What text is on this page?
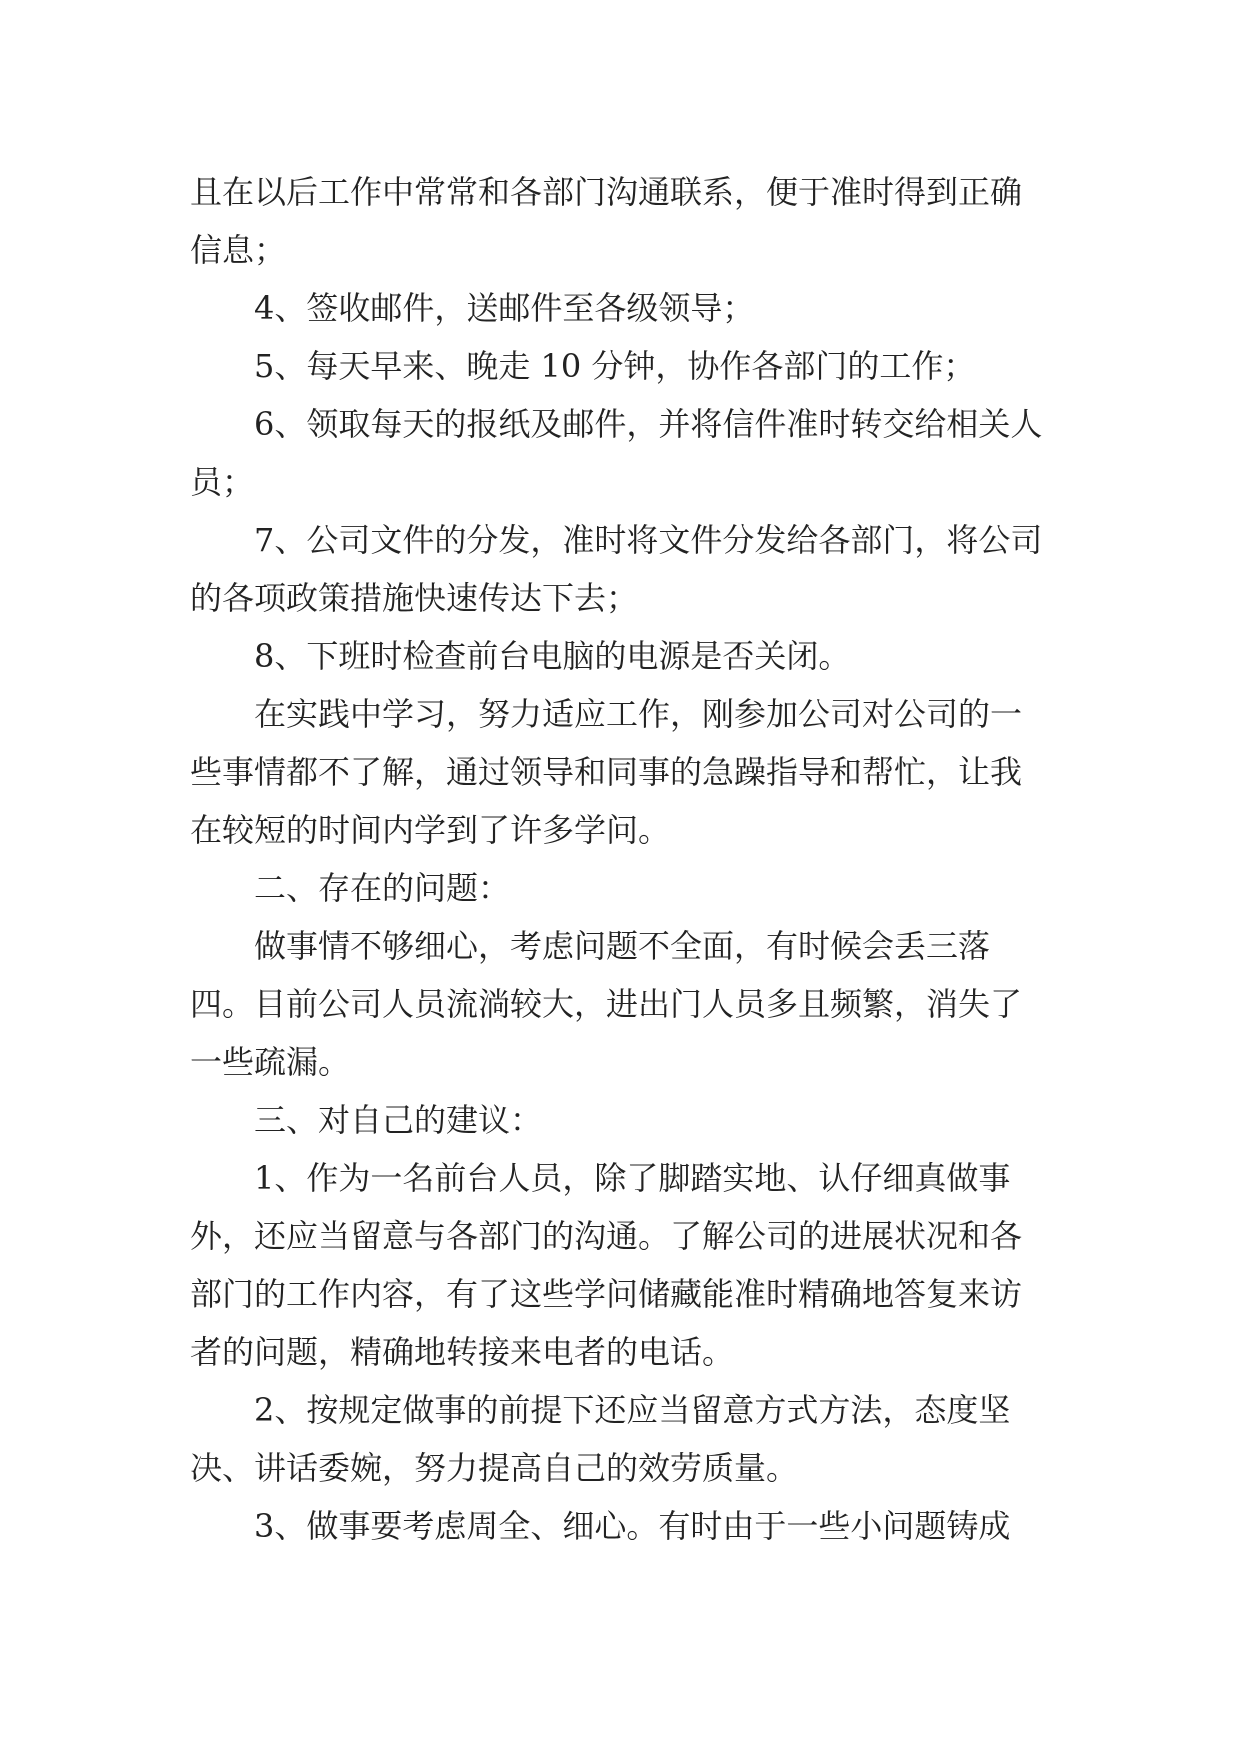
且在以后工作中常常和各部门沟通联系，便于准时得到正确信息；

4、签收邮件，送邮件至各级领导；

5、每天早来、晚走 10 分钟，协作各部门的工作；

6、领取每天的报纸及邮件，并将信件准时转交给相关人员；

7、公司文件的分发，准时将文件分发给各部门，将公司的各项政策措施快速传达下去；

8、下班时检查前台电脑的电源是否关闭。

在实践中学习，努力适应工作，刚参加公司对公司的一些事情都不了解，通过领导和同事的急躁指导和帮忙，让我在较短的时间内学到了许多学问。

二、存在的问题：

做事情不够细心，考虑问题不全面，有时候会丢三落四。目前公司人员流淌较大，进出门人员多且频繁，消失了一些疏漏。

三、对自己的建议：

1、作为一名前台人员，除了脚踏实地、认仔细真做事外，还应当留意与各部门的沟通。了解公司的进展状况和各部门的工作内容，有了这些学问储藏能准时精确地答复来访者的问题，精确地转接来电者的电话。

2、按规定做事的前提下还应当留意方式方法，态度坚决、讲话委婉，努力提高自己的效劳质量。

3、做事要考虑周全、细心。有时由于一些小问题铸成
